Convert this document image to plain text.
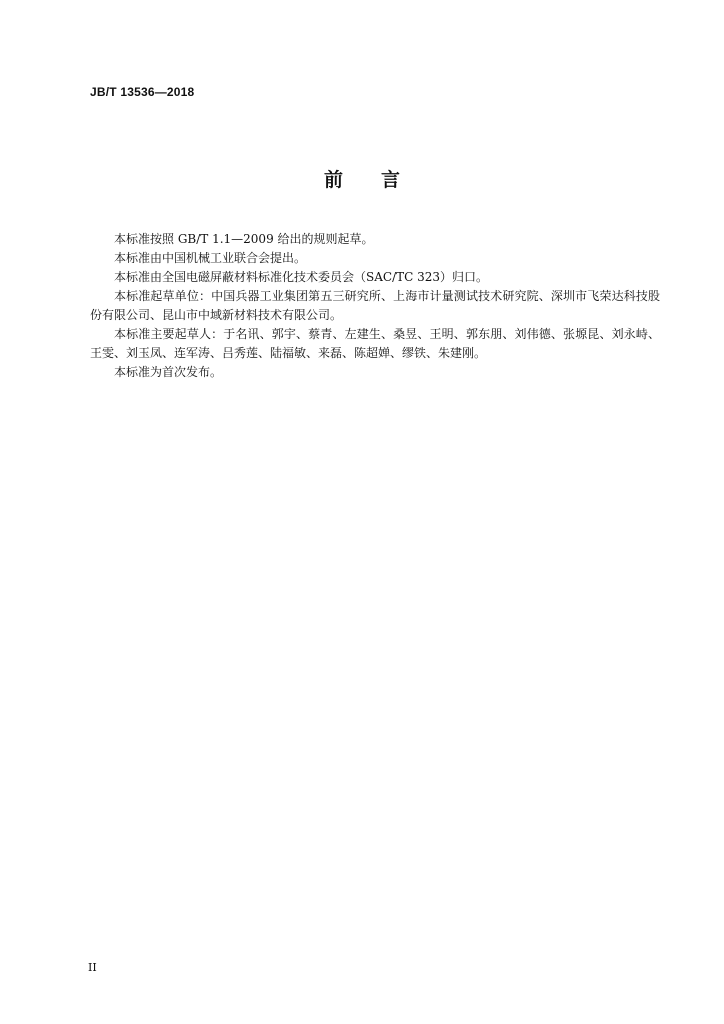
JB/T 13536—2018
前言

本标准按照 GB/T 1.1—2009 给出的规则起草。

本标准由中国机械工业联合会提出。

本标准由全国电磁屏蔽材料标准化技术委员会（SAC/TC 323）归口。

本标准起草单位：中国兵器工业集团第五三研究所、上海市计量测试技术研究院、深圳市飞荣达科技股份有限公司、昆山市中域新材料技术有限公司。

本标准主要起草人：于名讯、郭宇、蔡青、左建生、桑昱、王明、郭东朋、刘伟德、张塬昆、刘永峙、王雯、刘玉凤、连军涛、吕秀莲、陆福敏、来磊、陈超婵、缪铁、朱建刚。

本标准为首次发布。

II
